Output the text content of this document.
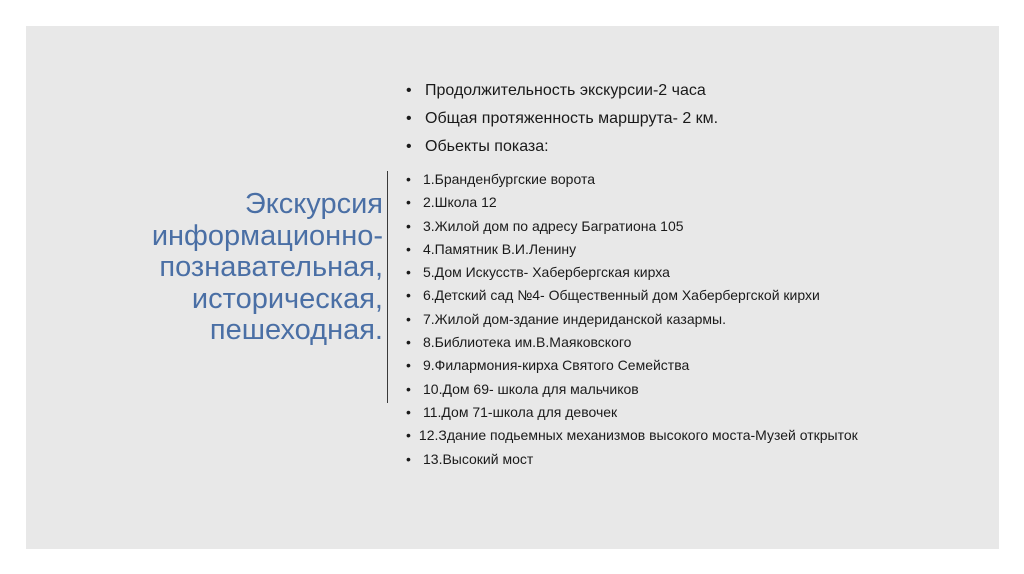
Экскурсия
информационно-
познавательная,
историческая,
пешеходная.
• Продолжительность экскурсии-2 часа
• Общая протяженность маршрута- 2 км.
• Обьекты показа:
• 1.Бранденбургские ворота
• 2.Школа 12
• 3.Жилой дом по адресу Багратиона 105
• 4.Памятник В.И.Ленину
• 5.Дом Искусств- Хабербергская кирха
• 6.Детский сад №4- Общественный дом Хабербергской кирхи
• 7.Жилой дом-здание индериданской казармы.
• 8.Библиотека им.В.Маяковского
• 9.Филармония-кирха Святого Семейства
• 10.Дом 69- школа для мальчиков
• 11.Дом 71-школа для девочек
• 12.Здание подьемных механизмов высокого моста-Музей открыток
• 13.Высокий мост
